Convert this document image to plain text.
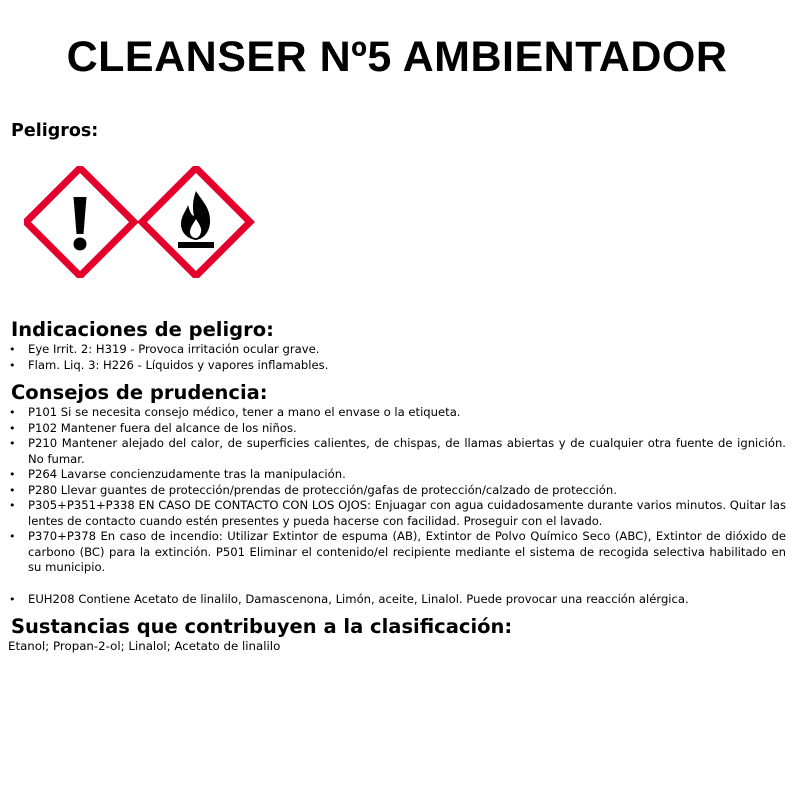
CLEANSER Nº5 AMBIENTADOR
Peligros:
Indicaciones de peligro:
• Eye Irrit. 2: H319 - Provoca irritación ocular grave.
• Flam. Liq. 3: H226 - Líquidos y vapores inflamables.
Consejos de prudencia:
• P101 Si se necesita consejo médico, tener a mano el envase o la etiqueta.
• P102 Mantener fuera del alcance de los niños.
• P210 Mantener alejado del calor, de superficies calientes, de chispas, de llamas abiertas y de cualquier otra fuente de ignición. No fumar.
• P264 Lavarse concienzudamente tras la manipulación.
• P280 Llevar guantes de protección/prendas de protección/gafas de protección/calzado de protección.
• P305+P351+P338 EN CASO DE CONTACTO CON LOS OJOS: Enjuagar con agua cuidadosamente durante varios minutos. Quitar las lentes de contacto cuando estén presentes y pueda hacerse con facilidad. Proseguir con el lavado.
• P370+P378 En caso de incendio: Utilizar Extintor de espuma (AB), Extintor de Polvo Químico Seco (ABC), Extintor de dióxido de carbono (BC) para la extinción. P501 Eliminar el contenido/el recipiente mediante el sistema de recogida selectiva habilitado en su municipio.
• EUH208 Contiene Acetato de linalilo, Damascenona, Limón, aceite, Linalol. Puede provocar una reacción alérgica.
Sustancias que contribuyen a la clasificación:

Etanol; Propan-2-ol; Linalol; Acetato de linalilo
